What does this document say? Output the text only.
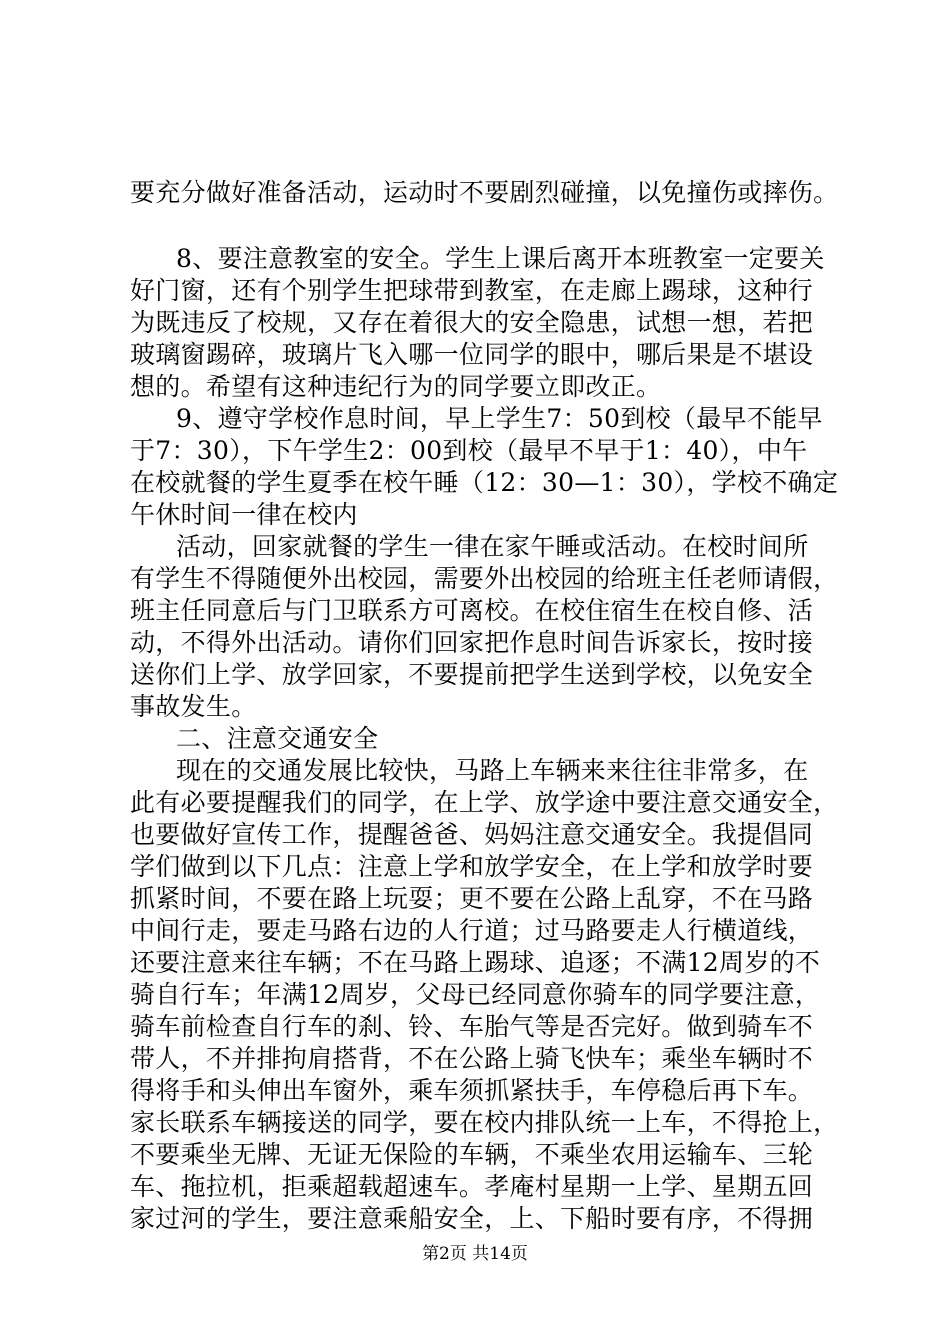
要充分做好准备活动，运动时不要剧烈碰撞，以免撞伤或摔伤。
8、要注意教室的安全。学生上课后离开本班教室一定要关
好门窗，还有个别学生把球带到教室，在走廊上踢球，这种行
为既违反了校规，又存在着很大的安全隐患，试想一想，若把
玻璃窗踢碎，玻璃片飞入哪一位同学的眼中，哪后果是不堪设
想的。希望有这种违纪行为的同学要立即改正。
9、遵守学校作息时间，早上学生7：50到校（最早不能早
于7：30），下午学生2：00到校（最早不早于1：40），中午
在校就餐的学生夏季在校午睡（12：30—1：30），学校不确定
午休时间一律在校内
活动，回家就餐的学生一律在家午睡或活动。在校时间所
有学生不得随便外出校园，需要外出校园的给班主任老师请假，
班主任同意后与门卫联系方可离校。在校住宿生在校自修、活
动，不得外出活动。请你们回家把作息时间告诉家长，按时接
送你们上学、放学回家，不要提前把学生送到学校，以免安全
事故发生。
二、注意交通安全
现在的交通发展比较快，马路上车辆来来往往非常多，在
此有必要提醒我们的同学，在上学、放学途中要注意交通安全，
也要做好宣传工作，提醒爸爸、妈妈注意交通安全。我提倡同
学们做到以下几点：注意上学和放学安全，在上学和放学时要
抓紧时间，不要在路上玩耍；更不要在公路上乱穿，不在马路
中间行走，要走马路右边的人行道；过马路要走人行横道线，
还要注意来往车辆；不在马路上踢球、追逐；不满12周岁的不
骑自行车；年满12周岁，父母已经同意你骑车的同学要注意，
骑车前检查自行车的刹、铃、车胎气等是否完好。做到骑车不
带人，不并排拘肩搭背，不在公路上骑飞快车；乘坐车辆时不
得将手和头伸出车窗外，乘车须抓紧扶手，车停稳后再下车。
家长联系车辆接送的同学，要在校内排队统一上车，不得抢上，
不要乘坐无牌、无证无保险的车辆，不乘坐农用运输车、三轮
车、拖拉机，拒乘超载超速车。孝庵村星期一上学、星期五回
家过河的学生，要注意乘船安全，上、下船时要有序，不得拥
第2页 共14页
